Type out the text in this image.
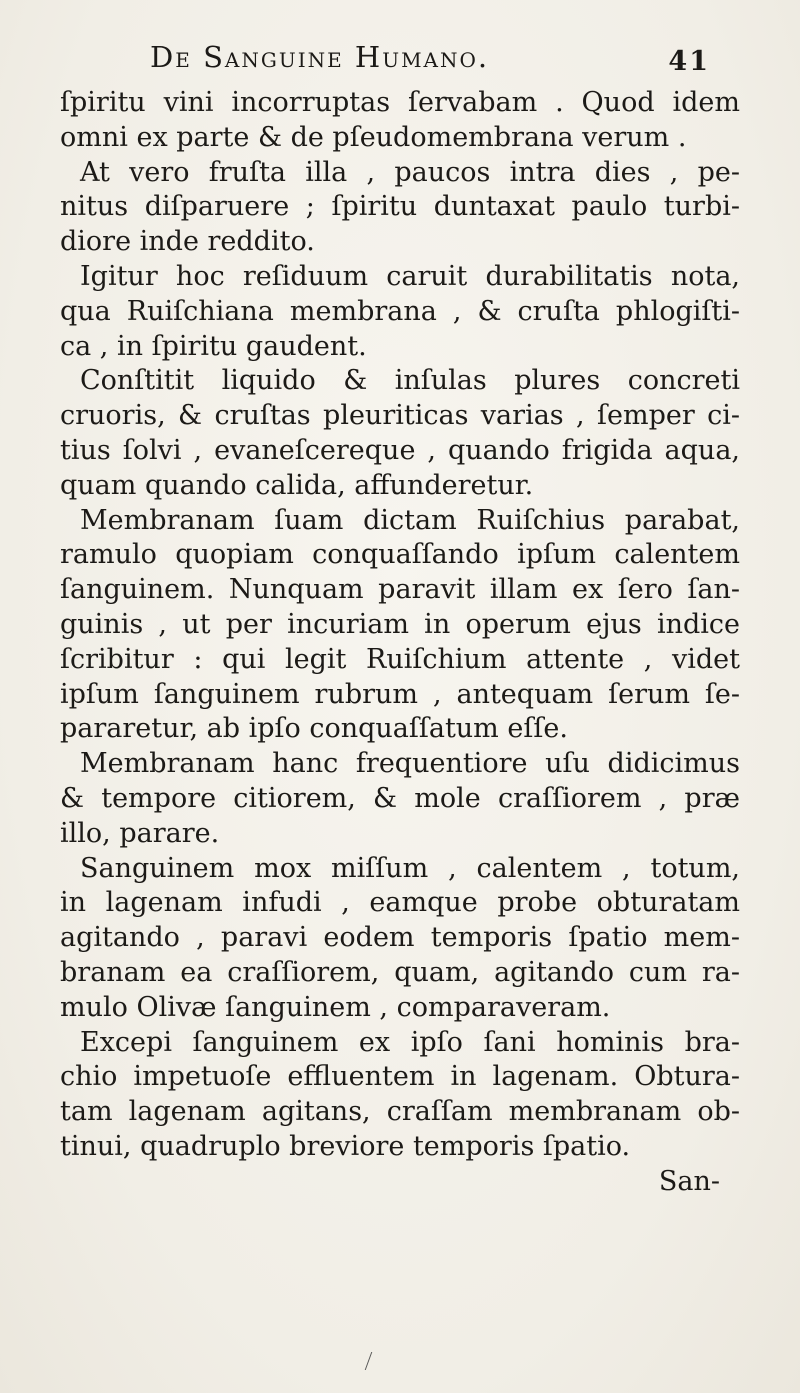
De Sanguine Humano.	41
ſpiritu vini incorruptas ſervabam . Quod idem
omni ex parte & de pſeudomembrana verum .
At vero fruſta illa , paucos intra dies , pe-
nitus diſparuere ; ſpiritu duntaxat paulo turbi-
diore inde reddito.
Igitur hoc reſiduum caruit durabilitatis nota,
qua Ruiſchiana membrana , & cruſta phlogiſti-
ca , in ſpiritu gaudent.
Conſtitit liquido & inſulas plures concreti
cruoris, & cruſtas pleuriticas varias , ſemper ci-
tius ſolvi , evaneſcereque , quando frigida aqua,
quam quando calida, affunderetur.
Membranam ſuam dictam Ruiſchius parabat,
ramulo quopiam conquaſſando ipſum calentem
ſanguinem. Nunquam paravit illam ex ſero ſan-
guinis , ut per incuriam in operum ejus indice
ſcribitur : qui legit Ruiſchium attente , videt
ipſum ſanguinem rubrum , antequam ſerum ſe-
pararetur, ab ipſo conquaſſatum eſſe.
Membranam hanc frequentiore uſu didicimus
& tempore citiorem, & mole craſſiorem , præ
illo, parare.
Sanguinem mox miſſum , calentem , totum,
in lagenam infudi , eamque probe obturatam
agitando , paravi eodem temporis ſpatio mem-
branam ea craſſiorem, quam, agitando cum ra-
mulo Olivæ ſanguinem , comparaveram.
Excepi ſanguinem ex ipſo ſani hominis bra-
chio impetuoſe effluentem in lagenam. Obtura-
tam lagenam agitans, craſſam membranam ob-
tinui, quadruplo breviore temporis ſpatio.
San-
